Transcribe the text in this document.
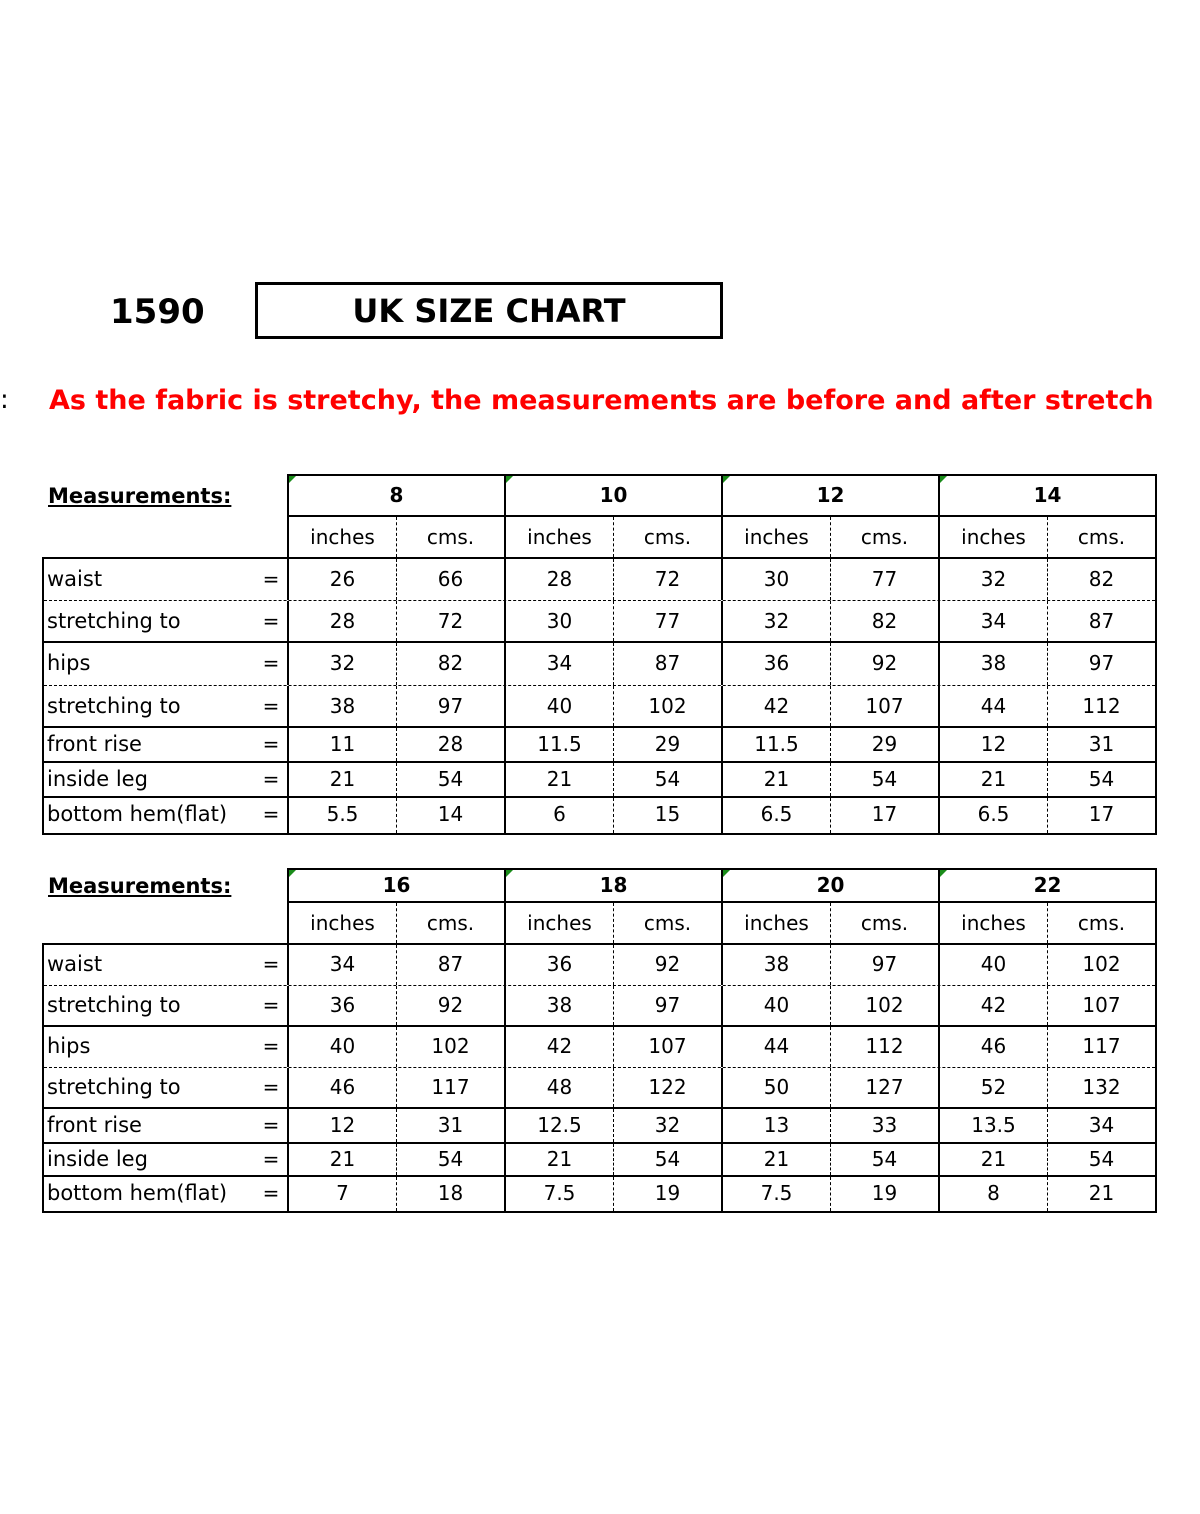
1590	UK SIZE CHART
: As the fabric is stretchy, the measurements are before and after stretch
Measurements:	8	10	12	14
inches	cms.	inches	cms.	inches	cms.	inches	cms.
waist	=	26	66	28	72	30	77	32	82
stretching to	=	28	72	30	77	32	82	34	87
hips	=	32	82	34	87	36	92	38	97
stretching to	=	38	97	40	102	42	107	44	112
front rise	=	11	28	11.5	29	11.5	29	12	31
inside leg	=	21	54	21	54	21	54	21	54
bottom hem(flat)	=	5.5	14	6	15	6.5	17	6.5	17
Measurements:	16	18	20	22
inches	cms.	inches	cms.	inches	cms.	inches	cms.
waist	=	34	87	36	92	38	97	40	102
stretching to	=	36	92	38	97	40	102	42	107
hips	=	40	102	42	107	44	112	46	117
stretching to	=	46	117	48	122	50	127	52	132
front rise	=	12	31	12.5	32	13	33	13.5	34
inside leg	=	21	54	21	54	21	54	21	54
bottom hem(flat)	=	7	18	7.5	19	7.5	19	8	21
